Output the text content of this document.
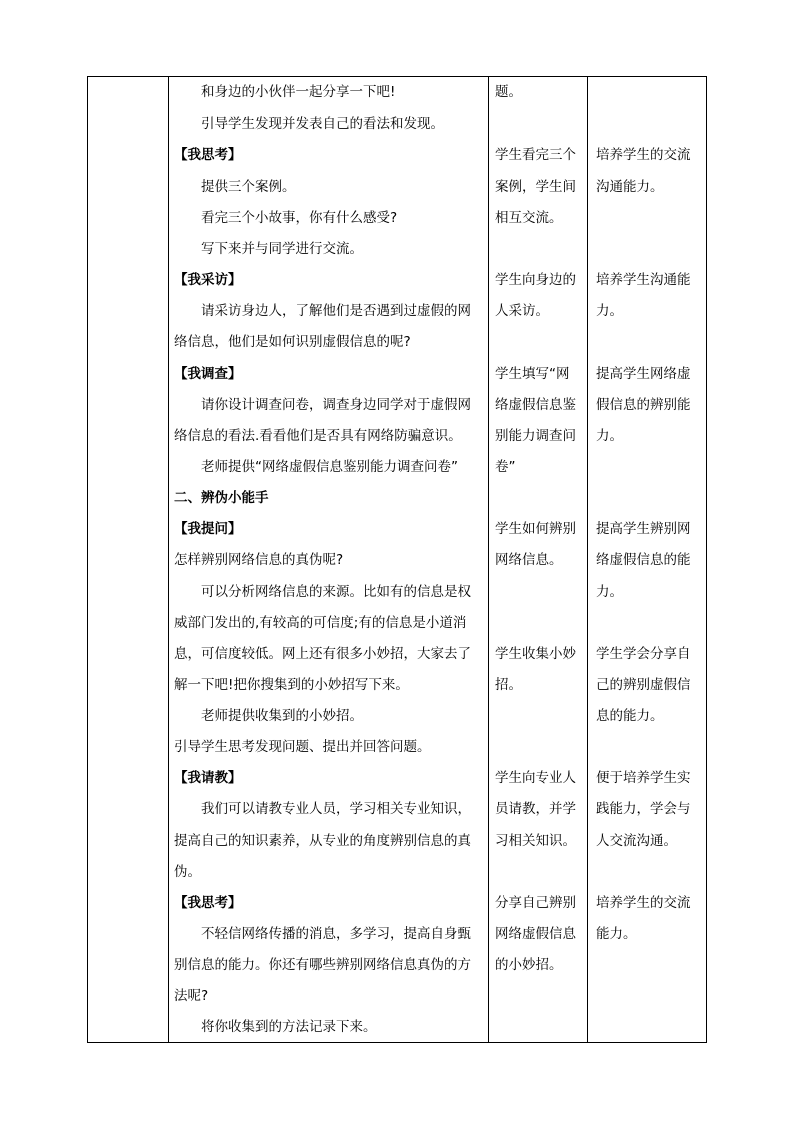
和身边的小伙伴一起分享一下吧!
引导学生发现并发表自己的看法和发现。
【我思考】
提供三个案例。
看完三个小故事，你有什么感受?
写下来并与同学进行交流。
【我采访】
请采访身边人，了解他们是否遇到过虚假的网
络信息，他们是如何识别虚假信息的呢?
【我调查】
请你设计调查问卷，调查身边同学对于虚假网
络信息的看法.看看他们是否具有网络防骗意识。
老师提供“网络虚假信息鉴别能力调查问卷”
二、辨伪小能手
【我提问】
怎样辨别网络信息的真伪呢?
可以分析网络信息的来源。比如有的信息是权
威部门发出的,有较高的可信度;有的信息是小道消
息，可信度较低。网上还有很多小妙招，大家去了
解一下吧!把你搜集到的小妙招写下来。
老师提供收集到的小妙招。
引导学生思考发现问题、提出并回答问题。
【我请教】
我们可以请教专业人员，学习相关专业知识，
提高自己的知识素养，从专业的角度辨别信息的真
伪。
【我思考】
不轻信网络传播的消息，多学习，提高自身甄
别信息的能力。你还有哪些辨别网络信息真伪的方
法呢?
将你收集到的方法记录下来。
题。
学生看完三个
案例，学生间
相互交流。
学生向身边的
人采访。
学生填写“网
络虚假信息鉴
别能力调查问
卷”
学生如何辨别
网络信息。
学生收集小妙
招。
学生向专业人
员请教，并学
习相关知识。
分享自己辨别
网络虚假信息
的小妙招。
培养学生的交流
沟通能力。
培养学生沟通能
力。
提高学生网络虚
假信息的辨别能
力。
提高学生辨别网
络虚假信息的能
力。
学生学会分享自
己的辨别虚假信
息的能力。
便于培养学生实
践能力，学会与
人交流沟通。
培养学生的交流
能力。
